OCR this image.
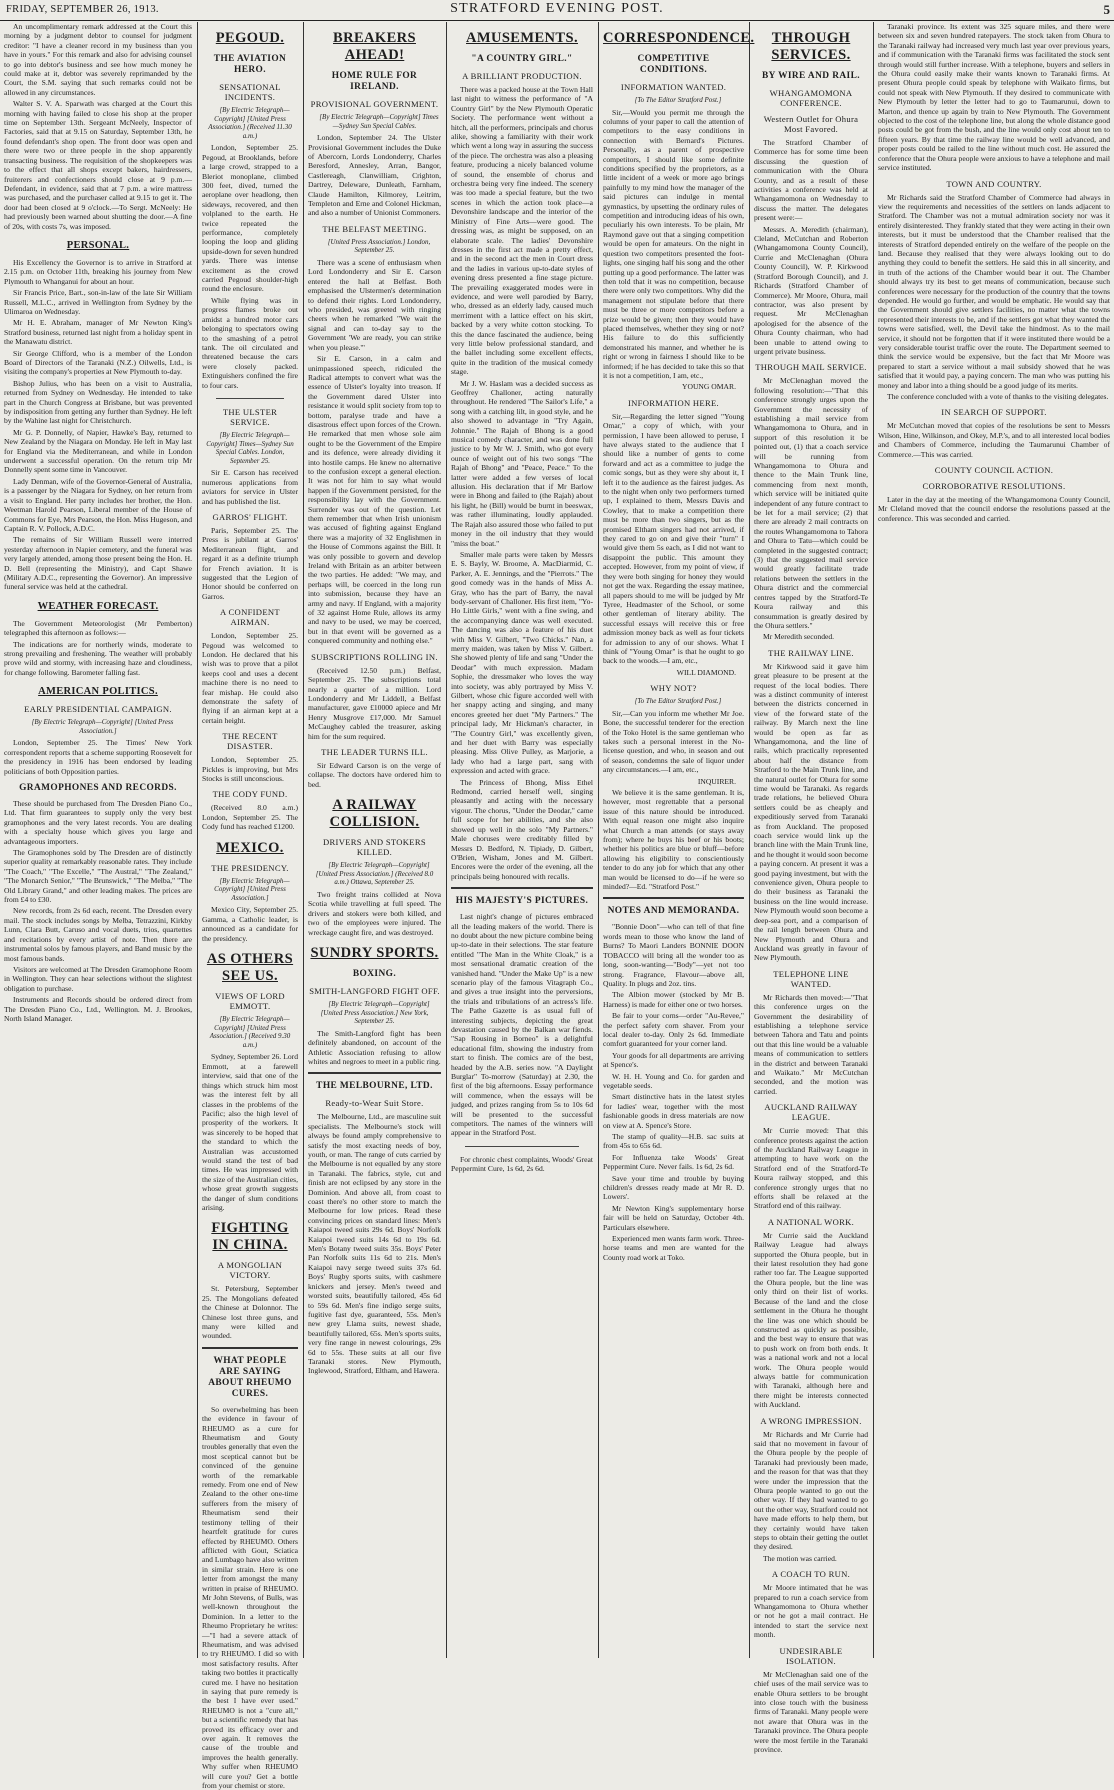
FRIDAY, SEPTEMBER 26, 1913.	STRATFORD EVENING POST.	5

An uncomplimentary remark addressed at the Court this morning by a judgment debtor to counsel for judgment creditor: "I have a cleaner record in my business than you have in yours." For this remark and also for advising counsel to go into debtor's business and see how much money he could make at it, debtor was severely reprimanded by the Court, the S.M. saying that such remarks could not be allowed in any circumstances.

Walter S. V. A. Sparwath was charged at the Court this morning with having failed to close his shop at the proper time on September 13th. Sergeant McNeely, Inspector of Factories, said that at 9.15 on Saturday, September 13th, he found defendant's shop open. The front door was open and there were two or three people in the shop apparently transacting business. The requisition of the shopkeepers was to the effect that all shops except bakers, hairdressers, fruiterers and confectioners should close at 9 p.m.—Defendant, in evidence, said that at 7 p.m. a wire mattress was purchased, and the purchaser called at 9.15 to get it. The door had been closed at 9 o'clock.—To Sergt. McNeely: He had previously been warned about shutting the door.—A fine of 20s, with costs 7s, was imposed.

PERSONAL.

His Excellency the Governor is to arrive in Stratford at 2.15 p.m. on October 11th, breaking his journey from New Plymouth to Whanganui for about an hour.

Sir Francis Price, Bart., son-in-law of the late Sir William Russell, M.L.C., arrived in Wellington from Sydney by the Ulimaroa on Wednesday.

Mr H. E. Abraham, manager of Mr Newton King's Stratford business, returned last night from a holiday spent in the Manawatu district.

Sir George Clifford, who is a member of the London Board of Directors of the Taranaki (N.Z.) Oilwells, Ltd., is visiting the company's properties at New Plymouth to-day.

Bishop Julius, who has been on a visit to Australia, returned from Sydney on Wednesday. He intended to take part in the Church Congress at Brisbane, but was prevented by indisposition from getting any further than Sydney. He left by the Wahine last night for Christchurch.

Mr G. P. Donnelly, of Napier, Hawke's Bay, returned to New Zealand by the Niagara on Monday. He left in May last for England via the Mediterranean, and while in London underwent a successful operation. On the return trip Mr Donnelly spent some time in Vancouver.

Lady Denman, wife of the Governor-General of Australia, is a passenger by the Niagara for Sydney, on her return from a visit to England. Her party includes her brother, the Hon. Weetman Harold Pearson, Liberal member of the House of Commons for Eye, Mrs Pearson, the Hon. Miss Hugeson, and Captain R. V. Pollock, A.D.C.

The remains of Sir William Russell were interred yesterday afternoon in Napier cemetery, and the funeral was very largely attended, among those present being the Hon. H. D. Bell (representing the Ministry), and Capt Shawe (Military A.D.C., representing the Governor). An impressive funeral service was held at the cathedral.

WEATHER FORECAST.

The Government Meteorologist (Mr Pemberton) telegraphed this afternoon as follows:—

The indications are for northerly winds, moderate to strong prevailing and freshening. The weather will probably prove wild and stormy, with increasing haze and cloudiness, for change following. Barometer falling fast.

AMERICAN POLITICS.
EARLY PRESIDENTIAL CAMPAIGN.

[By Electric Telegraph—Copyright] [United Press Association.]

London, September 25. The Times' New York correspondent reports that a scheme supporting Roosevelt for the presidency in 1916 has been endorsed by leading politicians of both Opposition parties.

GRAMOPHONES AND RECORDS.

These should be purchased from The Dresden Piano Co., Ltd. That firm guarantees to supply only the very best gramophones and the very latest records. You are dealing with a specialty house which gives you large and advantageous importers.

The Gramophones sold by The Dresden are of distinctly superior quality at remarkably reasonable rates. They include "The Coach," "The Excelle," "The Austral," "The Zealand," "The Monarch Senior," "The Brunswick," "The Melba," "The Old Library Grand," and other leading makes. The prices are from £4 to £30.

New records, from 2s 6d each, recent. The Dresden every mail. The stock includes songs by Melba, Tetrazzini, Kirkby Lunn, Clara Butt, Caruso and vocal duets, trios, quartettes and recitations by every artist of note. Then there are instrumental solos by famous players, and Band music by the most famous bands.

Visitors are welcomed at The Dresden Gramophone Room in Wellington. They can hear selections without the slightest obligation to purchase.

Instruments and Records should be ordered direct from The Dresden Piano Co., Ltd., Wellington. M. J. Brookes, North Island Manager.

PEGOUD.
THE AVIATION HERO.
SENSATIONAL INCIDENTS.

[By Electric Telegraph—Copyright] [United Press Association.] (Received 11.30 a.m.)

London, September 25. Pegoud, at Brooklands, before a large crowd, strapped to a Bleriot monoplane, climbed 300 feet, dived, turned the aeroplane over headlong, then sideways, recovered, and then volplaned to the earth. He twice repeated the performance, completely looping the loop and gliding upside-down for seven hundred yards. There was intense excitement as the crowd carried Pegoud shoulder-high round the enclosure.

While flying was in progress flames broke out amidst a hundred motor cars belonging to spectators owing to the smashing of a petrol tank. The oil circulated and threatened because the cars were closely packed. Extinguishers confined the fire to four cars.

THE ULSTER SERVICE.

[By Electric Telegraph—Copyright] Times—Sydney Sun Special Cables. London, September 25.

Sir E. Carson has received numerous applications from aviators for service in Ulster and has published the list.

GARROS' FLIGHT.

Paris, September 25. The Press is jubilant at Garros' Mediterranean flight, and regard it as a definite triumph for French aviation. It is suggested that the Legion of Honor should be conferred on Garros.

A CONFIDENT AIRMAN.

London, September 25. Pegoud was welcomed to London. He declared that his wish was to prove that a pilot keeps cool and uses a decent machine there is no need to fear mishap. He could also demonstrate the safety of flying if an airman kept at a certain height.

THE RECENT DISASTER.

London, September 25. Pickles is improving, but Mrs Stocks is still unconscious.

THE CODY FUND.

(Received 8.0 a.m.) London, September 25. The Cody fund has reached £1200.

MEXICO.
THE PRESIDENCY.

[By Electric Telegraph—Copyright] [United Press Association.]

Mexico City, September 25. Gamma, a Catholic leader, is announced as a candidate for the presidency.

AS OTHERS SEE US.
VIEWS OF LORD EMMOTT.

[By Electric Telegraph—Copyright] [United Press Association.] (Received 9.30 a.m.)

Sydney, September 26. Lord Emmott, at a farewell interview, said that one of the things which struck him most was the interest felt by all classes in the problems of the Pacific; also the high level of prosperity of the workers. It was sincerely to be hoped that the standard to which the Australian was accustomed would stand the test of bad times. He was impressed with the size of the Australian cities, whose great growth suggests the danger of slum conditions arising.

FIGHTING IN CHINA.
A MONGOLIAN VICTORY.

St. Petersburg, September 25. The Mongolians defeated the Chinese at Dolonnor. The Chinese lost three guns, and many were killed and wounded.

WHAT PEOPLE ARE SAYING ABOUT RHEUMO CURES.

So overwhelming has been the evidence in favour of RHEUMO as a cure for Rheumatism and Gouty troubles generally that even the most sceptical cannot but be convinced of the genuine worth of the remarkable remedy. From one end of New Zealand to the other one-time sufferers from the misery of Rheumatism send their testimony telling of their heartfelt gratitude for cures effected by RHEUMO. Others afflicted with Gout, Sciatica and Lumbago have also written in similar strain. Here is one letter from amongst the many written in praise of RHEUMO. Mr John Stevens, of Bulls, was well-known throughout the Dominion. In a letter to the Rheumo Proprietary he writes:—"I had a severe attack of Rheumatism, and was advised to try RHEUMO. I did so with most satisfactory results. After taking two bottles it practically cured me. I have no hesitation in saying that pure remedy is the best I have ever used." RHEUMO is not a "cure all," but a scientific remedy that has proved its efficacy over and over again. It removes the cause of the trouble and improves the health generally. Why suffer when RHEUMO will cure you? Get a bottle from your chemist or store.

BREAKERS AHEAD!
HOME RULE FOR IRELAND.
PROVISIONAL GOVERNMENT.

[By Electric Telegraph—Copyright] Times—Sydney Sun Special Cables.

London, September 24. The Ulster Provisional Government includes the Duke of Abercorn, Lords Londonderry, Charles Beresford, Annesley, Arran, Bangor, Castlereagh, Clanwilliam, Crighton, Dartrey, Deleware, Dunleath, Farnham, Claude Hamilton, Kilmorey, Leitrim, Templeton and Erne and Colonel Hickman, and also a number of Unionist Commoners.

THE BELFAST MEETING.

[United Press Association.] London, September 25.

There was a scene of enthusiasm when Lord Londonderry and Sir E. Carson entered the hall at Belfast. Both emphasised the Ulstermen's determination to defend their rights. Lord Londonderry, who presided, was greeted with ringing cheers when he remarked "We wait the signal and can to-day say to the Government 'We are ready, you can strike when you please.'"

Sir E. Carson, in a calm and unimpassioned speech, ridiculed the Radical attempts to convert what was the essence of Ulster's loyalty into treason. If the Government dared Ulster into resistance it would split society from top to bottom, paralyse trade and have a disastrous effect upon forces of the Crown. He remarked that men whose sole aim ought to be the Government of the Empire and its defence, were already dividing it into hostile camps. He knew no alternative to the confusion except a general election. It was not for him to say what would happen if the Government persisted, for the responsibility lay with the Government. Surrender was out of the question. Let them remember that when Irish unionism was accused of fighting against England there was a majority of 32 Englishmen in the House of Commons against the Bill. It was only possible to govern and develop Ireland with Britain as an arbiter between the two parties. He added: "We may, and perhaps will, be coerced in the long run into submission, because they have an army and navy. If England, with a majority of 32 against Home Rule, allows its army and navy to be used, we may be coerced, but in that event will be governed as a conquered community and nothing else."

SUBSCRIPTIONS ROLLING IN.

(Received 12.50 p.m.) Belfast, September 25. The subscriptions total nearly a quarter of a million. Lord Londonderry and Mr Liddell, a Belfast manufacturer, gave £10000 apiece and Mr Henry Musgrove £17,000. Mr Samuel McCaughey cabled the treasurer, asking him for the sum required.

THE LEADER TURNS ILL.

Sir Edward Carson is on the verge of collapse. The doctors have ordered him to bed.

A RAILWAY COLLISION.
DRIVERS AND STOKERS KILLED.

[By Electric Telegraph—Copyright] [United Press Association.] (Received 8.0 a.m.) Ottawa, September 25.

Two freight trains collided at Nova Scotia while travelling at full speed. The drivers and stokers were both killed, and two of the employees were injured. The wreckage caught fire, and was destroyed.

SUNDRY SPORTS.
BOXING.
SMITH-LANGFORD FIGHT OFF.

[By Electric Telegraph—Copyright] [United Press Association.] New York, September 25.

The Smith-Langford fight has been definitely abandoned, on account of the Athletic Association refusing to allow whites and negroes to meet in a public ring.

THE MELBOURNE, LTD.
Ready-to-Wear Suit Store.

The Melbourne, Ltd., are masculine suit specialists. The Melbourne's stock will always be found amply comprehensive to satisfy the most exacting needs of boy, youth, or man. The range of cuts carried by the Melbourne is not equalled by any store in Taranaki. The fabrics, style, cut and finish are not eclipsed by any store in the Dominion. And above all, from coast to coast there's no other store to match the Melbourne for low prices. Read these convincing prices on standard lines: Men's Kaiapoi tweed suits 29s 6d. Boys' Norfolk Kaiapoi tweed suits 14s 6d to 19s 6d. Men's Botany tweed suits 35s. Boys' Peter Pan Norfolk suits 11s 6d to 21s. Men's Kaiapoi navy serge tweed suits 37s 6d. Boys' Rugby sports suits, with cashmere knickers and jersey. Men's tweed and worsted suits, beautifully tailored, 45s 6d to 59s 6d. Men's fine indigo serge suits, fugitive fast dye, guaranteed, 55s. Men's new grey Llama suits, newest shade, beautifully tailored, 65s. Men's sports suits, very fine range in newest colourings, 29s 6d to 55s. These suits at all our five Taranaki stores. New Plymouth, Inglewood, Stratford, Eltham, and Hawera.

AMUSEMENTS.
"A COUNTRY GIRL."
A BRILLIANT PRODUCTION.

There was a packed house at the Town Hall last night to witness the performance of "A Country Girl" by the New Plymouth Operatic Society. The performance went without a hitch, all the performers, principals and chorus alike, showing a familiarity with their work which went a long way in assuring the success of the piece. The orchestra was also a pleasing feature, producing a nicely balanced volume of sound, the ensemble of chorus and orchestra being very fine indeed. The scenery was too made a special feature, but the two scenes in which the action took place—a Devonshire landscape and the interior of the Ministry of Fine Arts—were good. The dressing was, as might be supposed, on an elaborate scale. The ladies' Devonshire dresses in the first act made a pretty effect, and in the second act the men in Court dress and the ladies in various up-to-date styles of evening dress presented a fine stage picture. The prevailing exaggerated modes were in evidence, and were well parodied by Barry, who, dressed as an elderly lady, caused much merriment with a lattice effect on his skirt, backed by a very white cotton stocking. To this the dance fascinated the audience, being very little below professional standard, and the ballet including some excellent effects, quite in the tradition of the musical comedy stage.

Mr J. W. Haslam was a decided success as Geoffrey Challoner, acting naturally throughout. He rendered "The Sailor's Life," a song with a catching lilt, in good style, and he also showed to advantage in "Try Again, Johnnie." The Rajah of Bhong is a good musical comedy character, and was done full justice to by Mr W. J. Smith, who got every ounce of weight out of his two songs "The Rajah of Bhong" and "Peace, Peace." To the latter were added a few verses of local allusion. His declaration that if Mr Barlow were in Bhong and failed to (the Rajah) about his light, he (Bill) would be burnt in beeswax, was rather illuminating, loudly applauded. The Rajah also assured those who failed to put money in the oil industry that they would "miss the boat."

Smaller male parts were taken by Messrs E. S. Bayly, W. Broome, A. MacDiarmid, C. Parker, A. E. Jennings, and the "Pierrots." The good comedy was in the hands of Miss A. Gray, who has the part of Barry, the naval body-servant of Challoner. His first item, "Yo-Ho Little Girls," went with a fine swing, and the accompanying dance was well executed. The dancing was also a feature of his duet with Miss V. Gilbert, "Two Chicks." Nan, a merry maiden, was taken by Miss V. Gilbert. She showed plenty of life and sang "Under the Deodar" with much expression. Madam Sophie, the dressmaker who loves the way into society, was ably portrayed by Miss V. Gilbert, whose chic figure accorded well with her snappy acting and singing, and many encores greeted her duet "My Partners." The principal lady, Mr Hickman's character, in "The Country Girl," was excellently given, and her duet with Barry was especially pleasing. Miss Olive Pulley, as Marjorie, a lady who had a large part, sang with expression and acted with grace.

The Princess of Bhong, Miss Ethel Redmond, carried herself well, singing pleasantly and acting with the necessary vigour. The chorus, "Under the Deodar," came full scope for her abilities, and she also showed up well in the solo "My Partners." Male choruses were creditably filled by Messrs D. Bedford, N. Tipiady, D. Gilbert, O'Brien, Wisham, Jones and M. Gilbert. Encores were the order of the evening, all the principals being honoured with recalls.

HIS MAJESTY'S PICTURES.

Last night's change of pictures embraced all the leading makers of the world. There is no doubt about the new picture combine being up-to-date in their selections. The star feature entitled "The Man in the White Cloak," is a most sensational dramatic creation of the vanished hand. "Under the Make Up" is a new scenario play of the famous Vitagraph Co., and gives a true insight into the perversions, the trials and tribulations of an actress's life. The Pathe Gazette is as usual full of interesting subjects, depicting the great devastation caused by the Balkan war fiends. "Sap Rousing in Borneo" is a delightful educational film, showing the industry from start to finish. The comics are of the best, headed by the A.B. series now. "A Daylight Burglar" To-morrow (Saturday) at 2.30, the first of the big afternoons. Essay performance will commence, when the essays will be judged, and prizes ranging from 5s to 10s 6d will be presented to the successful competitors. The names of the winners will appear in the Stratford Post.

For chronic chest complaints, Woods' Great Peppermint Cure, 1s 6d, 2s 6d.

CORRESPONDENCE.
COMPETITIVE CONDITIONS.
INFORMATION WANTED.

[To The Editor Stratford Post.]

Sir,—Would you permit me through the columns of your paper to call the attention of competitors to the easy conditions in connection with Bernard's Pictures. Personally, as a parent of prospective competitors, I should like some definite conditions specified by the proprietors, as a little incident of a week or more ago brings painfully to my mind how the manager of the said pictures can indulge in mental gymnastics, by upsetting the ordinary rules of competition and introducing ideas of his own, peculiarly his own interests. To be plain, Mr Raymond gave out that a singing competition would be open for amateurs. On the night in question two competitors presented the foot-lights, one singing half his song and the other putting up a good performance. The latter was then told that it was no competition, because there were only two competitors. Why did the management not stipulate before that there must be three or more competitors before a prize would be given; then they would have placed themselves, whether they sing or not? His failure to do this sufficiently demonstrated his manner, and whether he is right or wrong in fairness I should like to be informed; if he has decided to take this so that it is not a competition, I am, etc.,

YOUNG OMAR.

INFORMATION HERE.

Sir,—Regarding the letter signed "Young Omar," a copy of which, with your permission, I have been allowed to peruse, I have always stated to the audience that I should like a number of gents to come forward and act as a committee to judge the comic songs, but as they were shy about it, I left it to the audience as the fairest judges. As to the night when only two performers turned up, I explained to them, Messrs Davis and Cowley, that to make a competition there must be more than two singers, but as the promised Eltham singers had not arrived, if they cared to go on and give their "turn" I would give them 5s each, as I did not want to disappoint the public. This amount they accepted. However, from my point of view, if they were both singing for honey they would not get the wax. Regarding the essay matinee, all papers should to me will be judged by Mr Tyree, Headmaster of the School, or some other gentleman of literary ability. The successful essays will receive this or free admission money back as well as four tickets for admission to any of our shows. What I think of "Young Omar" is that he ought to go back to the woods.—I am, etc.,

WILL DIAMOND.

WHY NOT?

[To The Editor Stratford Post.]

Sir,—Can you inform me whether Mr Joe. Bone, the successful tenderer for the erection of the Toko Hotel is the same gentleman who takes such a personal interest in the No-license question, and who, in season and out of season, condemns the sale of liquor under any circumstances.—I am, etc.,

INQUIRER.

We believe it is the same gentleman. It is, however, most regrettable that a personal issue of this nature should be introduced. With equal reason one might also inquire what Church a man attends (or stays away from); where he buys his beef or his boots; whether his politics are blue or bluff—before allowing his eligibility to conscientiously tender to do any job for which that any other man would be licensed to do—if he were so minded?—Ed. "Stratford Post."

NOTES AND MEMORANDA.

"Bonnie Doon"—who can tell of that fine words mean to those who know the land of Burns? To Maori Landers BONNIE DOON TOBACCO will bring all the wonder too as long, soon-wanting—"Body"—yet not too strong. Fragrance, Flavour—above all, Quality. In plugs and 2oz. tins.

The Albion mower (stocked by Mr B. Harness) is made for either one or two horses.

Be fair to your corns—order "Au-Revee," the perfect safety corn shaver. From your local dealer to-day. Only 2s 6d. Immediate comfort guaranteed for your corner land.

Your goods for all departments are arriving at Spence's.

W. H. H. Young and Co. for garden and vegetable seeds.

Smart distinctive hats in the latest styles for ladies' wear, together with the most fashionable goods in dress materials are now on view at A. Spence's Store.

The stamp of quality—H.B. sac suits at from 45s to 65s 6d.

For Influenza take Woods' Great Peppermint Cure. Never fails. 1s 6d, 2s 6d.

Save your time and trouble by buying children's dresses ready made at Mr R. D. Lowers'.

Mr Newton King's supplementary horse fair will be held on Saturday, October 4th. Particulars elsewhere.

Experienced men wants farm work. Three-horse teams and men are wanted for the County road work at Toko.

THROUGH SERVICES.
BY WIRE AND RAIL.
WHANGAMOMONA CONFERENCE.
Western Outlet for Ohura Most Favored.

The Stratford Chamber of Commerce has for some time been discussing the question of communication with the Ohura County, and as a result of these activities a conference was held at Whangamomona on Wednesday to discuss the matter. The delegates present were:—

Messrs. A. Meredith (chairman), Cleland, McCutchan and Roberton (Whangamomona County Council), Currie and McClenaghan (Ohura County Council), W. P. Kirkwood (Stratford Borough Council), and J. Richards (Stratford Chamber of Commerce). Mr Moore, Ohura, mail contractor, was also present by request. Mr McClenaghan apologised for the absence of the Ohura County chairman, who had been unable to attend owing to urgent private business.

THROUGH MAIL SERVICE.

Mr McClenaghan moved the following resolution:—"That this conference strongly urges upon the Government the necessity of establishing a mail service from Whangamomona to Ohura, and in support of this resolution it be pointed out, (1) that a coach service will be running from Whangamomona to Ohura and thence to the Main Trunk line, commencing from next month, which service will be initiated quite independent of any future contract to be let for a mail service; (2) that there are already 2 mail contracts on the routes Whangamomona to Tahora and Ohura to Tatu—which could be completed in the suggested contract; (3) that the suggested mail service would greatly facilitate trade relations between the settlers in the Ohura district and the commercial centres tapped by the Stratford-Te Koura railway and this consummation is greatly desired by the Ohura settlers."

Mr Meredith seconded.

THE RAILWAY LINE.

Mr Kirkwood said it gave him great pleasure to be present at the request of the local bodies. There was a distinct community of interest between the districts concerned in view of the forward state of the railway. By March next the line would be open as far as Whangamomona, and the line of rails, which practically represented about half the distance from Stratford to the Main Trunk line, and the natural outlet for Ohura for some time would be Taranaki. As regards trade relations, he believed Ohura settlers could be as cheaply and expeditiously served from Taranaki as from Auckland. The proposed coach service would link up the branch line with the Main Trunk line, and he thought it would soon become a paying concern. At present it was a good paying investment, but with the convenience given, Ohura people to do their business as Taranaki the business on the line would increase. New Plymouth would soon become a deep-sea port, and a comparison of the rail length between Ohura and New Plymouth and Ohura and Auckland was greatly in favour of New Plymouth.

TELEPHONE LINE WANTED.

Mr Richards then moved:—"That this conference urges on the Government the desirability of establishing a telephone service between Tahora and Tatu and points out that this line would be a valuable means of communication to settlers in the district and between Taranaki and Waikato." Mr McCutchan seconded, and the motion was carried.

AUCKLAND RAILWAY LEAGUE.

Mr Currie moved: That this conference protests against the action of the Auckland Railway League in attempting to have work on the Stratford end of the Stratford-Te Koura railway stopped, and this conference strongly urges that no efforts shall be relaxed at the Stratford end of this railway.

A NATIONAL WORK.

Mr Currie said the Auckland Railway League had always supported the Ohura people, but in their latest resolution they had gone rather too far. The League supported the Ohura people, but the line was only third on their list of works. Because of the land and the close settlement in the Ohura he thought the line was one which should be constructed as quickly as possible, and the best way to ensure that was to push work on from both ends. It was a national work and not a local work. The Ohura people would always battle for communication with Taranaki, although here and there might be interests connected with Auckland.

A WRONG IMPRESSION.

Mr Richards and Mr Currie had said that no movement in favour of the Ohura people by the people of Taranaki had previously been made, and the reason for that was that they were under the impression that the Ohura people wanted to go out the other way. If they had wanted to go out the other way, Stratford could not have made efforts to help them, but they certainly would have taken steps to obtain their getting the outlet they desired.

The motion was carried.

A COACH TO RUN.

Mr Moore intimated that he was prepared to run a coach service from Whangamomona to Ohura whether or not he got a mail contract. He intended to start the service next month.

UNDESIRABLE ISOLATION.

Mr McClenaghan said one of the chief uses of the mail service was to enable Ohura settlers to be brought into close touch with the business firms of Taranaki. Many people were not aware that Ohura was in the Taranaki province. The Ohura people were the most fertile in the Taranaki province.

Taranaki province. Its extent was 325 square miles, and there were between six and seven hundred ratepayers. The stock taken from Ohura to the Taranaki railway had increased very much last year over previous years, and if communication with the Taranaki firms was facilitated the stock sent through would still further increase. With a telephone, buyers and sellers in the Ohura could easily make their wants known to Taranaki firms. At present Ohura people could speak by telephone with Waikato firms, but could not speak with New Plymouth. If they desired to communicate with New Plymouth by letter the letter had to go to Taumarunui, down to Marton, and thence up again by train to New Plymouth. The Government objected to the cost of the telephone line, but along the whole distance good posts could be got from the bush, and the line would only cost about ten to fifteen years. By that time the railway line would be well advanced, and proper posts could be railed to the line without much cost. He assured the conference that the Ohura people were anxious to have a telephone and mail service instituted.

TOWN AND COUNTRY.

Mr Richards said the Stratford Chamber of Commerce had always in view the requirements and necessities of the settlers on lands adjacent to Stratford. The Chamber was not a mutual admiration society nor was it entirely disinterested. They frankly stated that they were acting in their own interests, but it must be understood that the Chamber realised that the interests of Stratford depended entirely on the welfare of the people on the land. Because they realised that they were always looking out to do anything they could to benefit the settlers. He said this in all sincerity, and in truth of the actions of the Chamber would bear it out. The Chamber should always try its best to get means of communication, because such conferences were necessary for the production of the country that the towns depended. He would go further, and would be emphatic. He would say that the Government should give settlers facilities, no matter what the towns represented their interests to be, and if the settlers got what they wanted the towns were satisfied, well, the Devil take the hindmost. As to the mail service, it should not be forgotten that if it were instituted there would be a very considerable tourist traffic over the route. The Department seemed to think the service would be expensive, but the fact that Mr Moore was prepared to start a service without a mail subsidy showed that he was satisfied that it would pay, a paying concern. The man who was putting his money and labor into a thing should be a good judge of its merits.

The conference concluded with a vote of thanks to the visiting delegates.

IN SEARCH OF SUPPORT.

Mr McCutchan moved that copies of the resolutions be sent to Messrs Wilson, Hine, Wilkinson, and Okey, M.P.'s, and to all interested local bodies and Chambers of Commerce, including the Taumarunui Chamber of Commerce.—This was carried.

COUNTY COUNCIL ACTION.
CORROBORATIVE RESOLUTIONS.

Later in the day at the meeting of the Whangamomona County Council, Mr Cleland moved that the council endorse the resolutions passed at the conference. This was seconded and carried.
